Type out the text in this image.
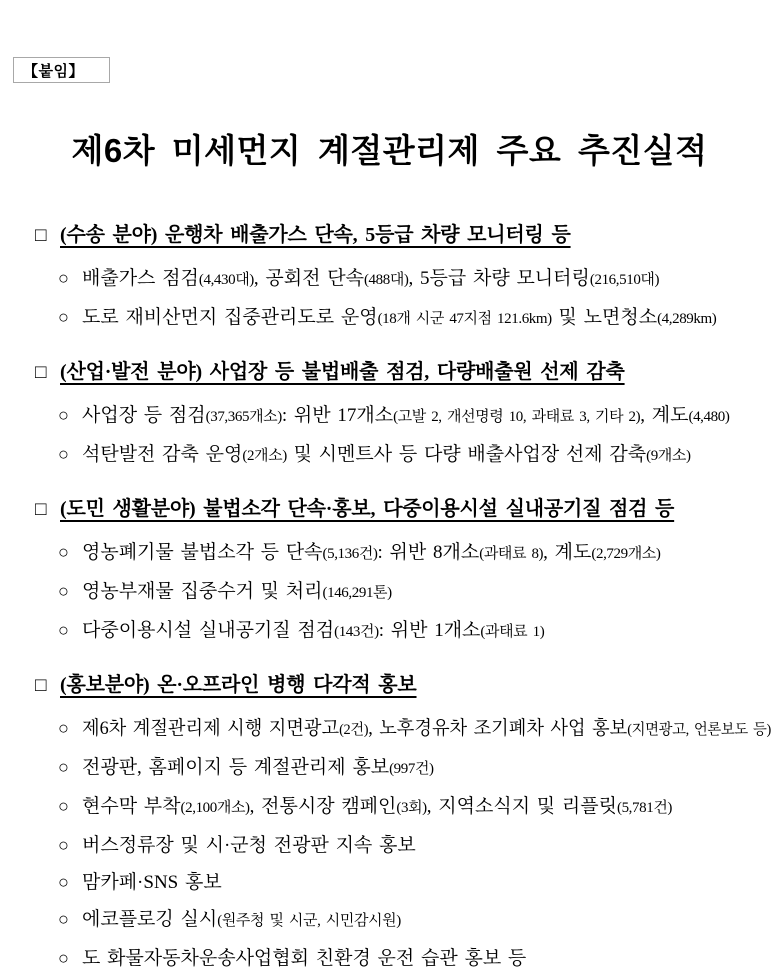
【붙임】
제6차 미세먼지 계절관리제 주요 추진실적
□ (수송 분야) 운행차 배출가스 단속, 5등급 차량 모니터링 등
○ 배출가스 점검(4,430대), 공회전 단속(488대), 5등급 차량 모니터링(216,510대)
○ 도로 재비산먼지 집중관리도로 운영(18개 시군 47지점 121.6km) 및 노면청소(4,289km)
□ (산업·발전 분야) 사업장 등 불법배출 점검, 다량배출원 선제 감축
○ 사업장 등 점검(37,365개소): 위반 17개소(고발 2, 개선명령 10, 과태료 3, 기타 2), 계도(4,480)
○ 석탄발전 감축 운영(2개소) 및 시멘트사 등 다량 배출사업장 선제 감축(9개소)
□ (도민 생활분야) 불법소각 단속·홍보, 다중이용시설 실내공기질 점검 등
○ 영농폐기물 불법소각 등 단속(5,136건): 위반 8개소(과태료 8), 계도(2,729개소)
○ 영농부재물 집중수거 및 처리(146,291톤)
○ 다중이용시설 실내공기질 점검(143건): 위반 1개소(과태료 1)
□ (홍보분야) 온·오프라인 병행 다각적 홍보
○ 제6차 계절관리제 시행 지면광고(2건), 노후경유차 조기폐차 사업 홍보(지면광고, 언론보도 등)
○ 전광판, 홈페이지 등 계절관리제 홍보(997건)
○ 현수막 부착(2,100개소), 전통시장 캠페인(3회), 지역소식지 및 리플릿(5,781건)
○ 버스정류장 및 시·군청 전광판 지속 홍보
○ 맘카페·SNS 홍보
○ 에코플로깅 실시(원주청 및 시군, 시민감시원)
○ 도 화물자동차운송사업협회 친환경 운전 습관 홍보 등
